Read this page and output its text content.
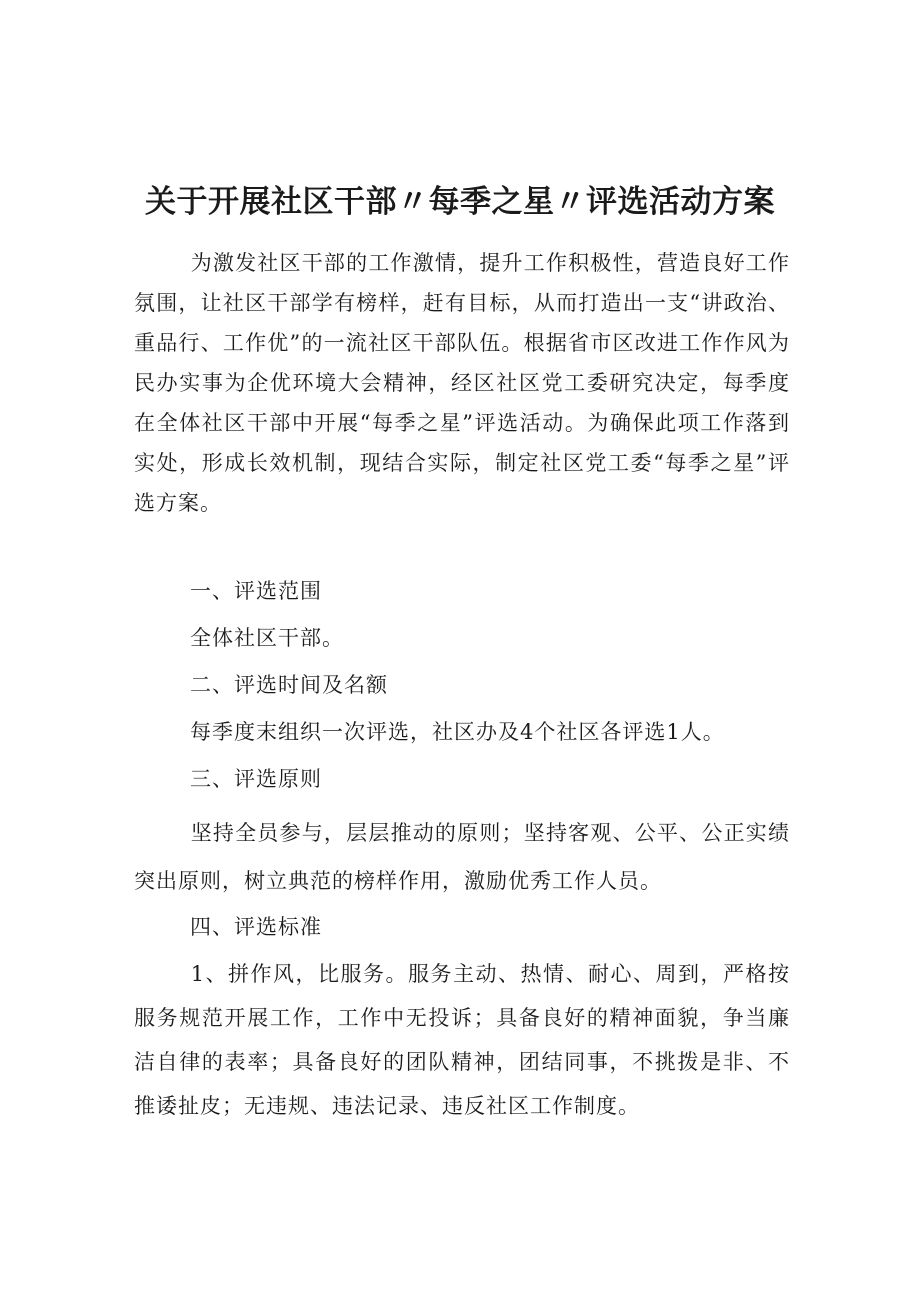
关于开展社区干部〃每季之星〃评选活动方案

为激发社区干部的工作激情，提升工作积极性，营造良好工作氛围，让社区干部学有榜样，赶有目标，从而打造出一支“讲政治、重品行、工作优”的一流社区干部队伍。根据省市区改进工作作风为民办实事为企优环境大会精神，经区社区党工委研究决定，每季度在全体社区干部中开展“每季之星”评选活动。为确保此项工作落到实处，形成长效机制，现结合实际，制定社区党工委“每季之星”评选方案。

一、评选范围

全体社区干部。

二、评选时间及名额

每季度末组织一次评选，社区办及4个社区各评选1人。

三、评选原则

坚持全员参与，层层推动的原则；坚持客观、公平、公正实绩突出原则，树立典范的榜样作用，激励优秀工作人员。

四、评选标准

1、拼作风，比服务。服务主动、热情、耐心、周到，严格按服务规范开展工作，工作中无投诉；具备良好的精神面貌，争当廉洁自律的表率；具备良好的团队精神，团结同事，不挑拨是非、不推诿扯皮；无违规、违法记录、违反社区工作制度。
